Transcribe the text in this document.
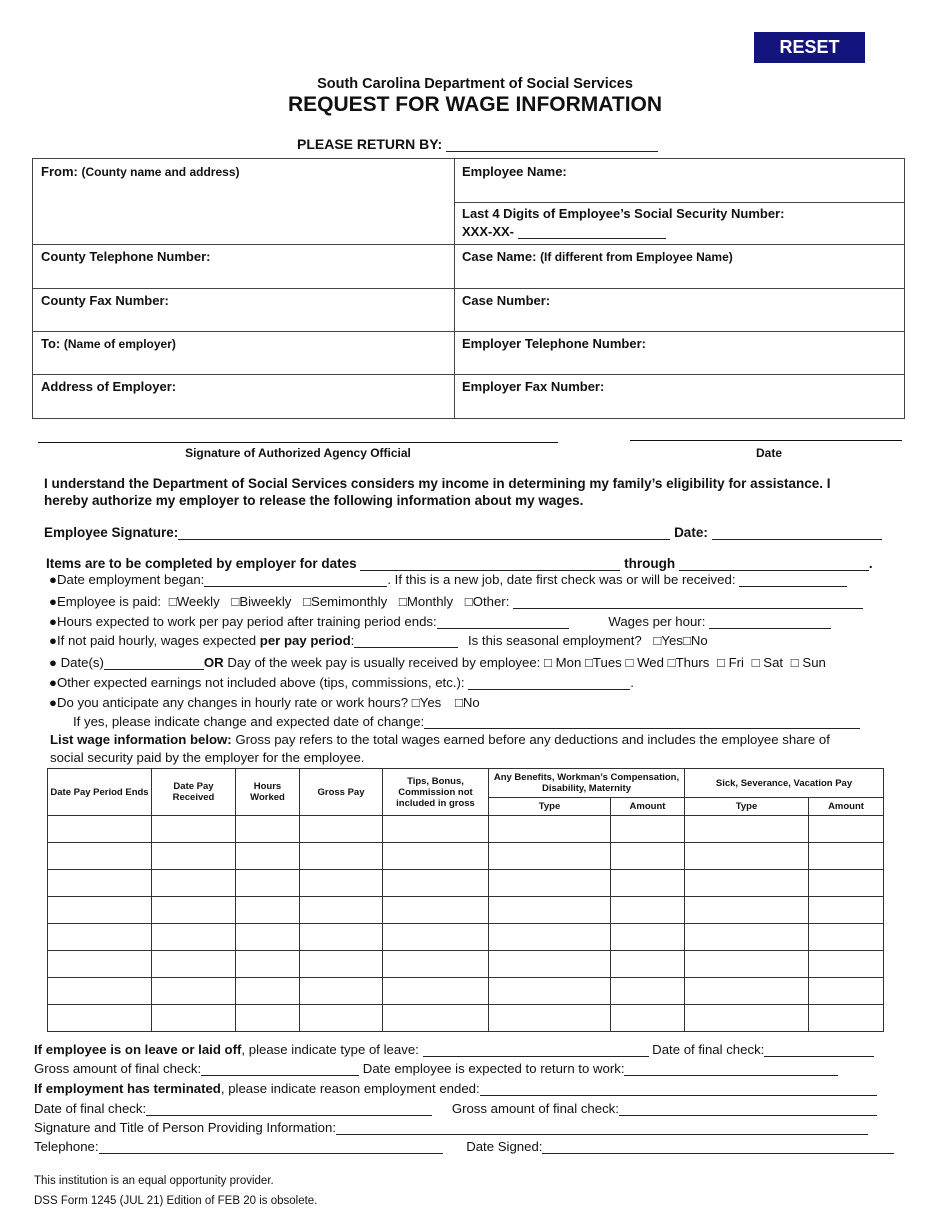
RESET
South Carolina Department of Social Services
REQUEST FOR WAGE INFORMATION
PLEASE RETURN BY:
From: (County name and address)	Employee Name:
Last 4 Digits of Employee’s Social Security Number:
XXX-XX-
County Telephone Number:	Case Name: (If different from Employee Name)
County Fax Number:	Case Number:
To: (Name of employer)	Employer Telephone Number:
Address of Employer:	Employer Fax Number:
Signature of Authorized Agency Official	Date
I understand the Department of Social Services considers my income in determining my family’s eligibility for assistance. I
hereby authorize my employer to release the following information about my wages.
Employee Signature:	Date:
Items are to be completed by employer for dates	through	.
●Date employment began:	. If this is a new job, date first check was or will be received:
●Employee is paid: □Weekly □Biweekly □Semimonthly □Monthly □Other:
●Hours expected to work per pay period after training period ends:	Wages per hour:
●If not paid hourly, wages expected per pay period:	Is this seasonal employment? □Yes□No
● Date(s)	OR Day of the week pay is usually received by employee: □ Mon □Tues □ Wed □Thurs □ Fri □ Sat □ Sun
●Other expected earnings not included above (tips, commissions, etc.):	.
●Do you anticipate any changes in hourly rate or work hours? □Yes □No
If yes, please indicate change and expected date of change:
List wage information below: Gross pay refers to the total wages earned before any deductions and includes the employee share of
social security paid by the employer for the employee.
Date Pay Period Ends	Date Pay Received	Hours Worked	Gross Pay	Tips, Bonus, Commission not included in gross	Any Benefits, Workman’s Compensation, Disability, Maternity		Sick, Severance, Vacation Pay	
					Type	Amount	Type	Amount

If employee is on leave or laid off, please indicate type of leave:	Date of final check:
Gross amount of final check:	Date employee is expected to return to work:
If employment has terminated, please indicate reason employment ended:
Date of final check:	Gross amount of final check:
Signature and Title of Person Providing Information:
Telephone:	Date Signed:
This institution is an equal opportunity provider.
DSS Form 1245 (JUL 21) Edition of FEB 20 is obsolete.
